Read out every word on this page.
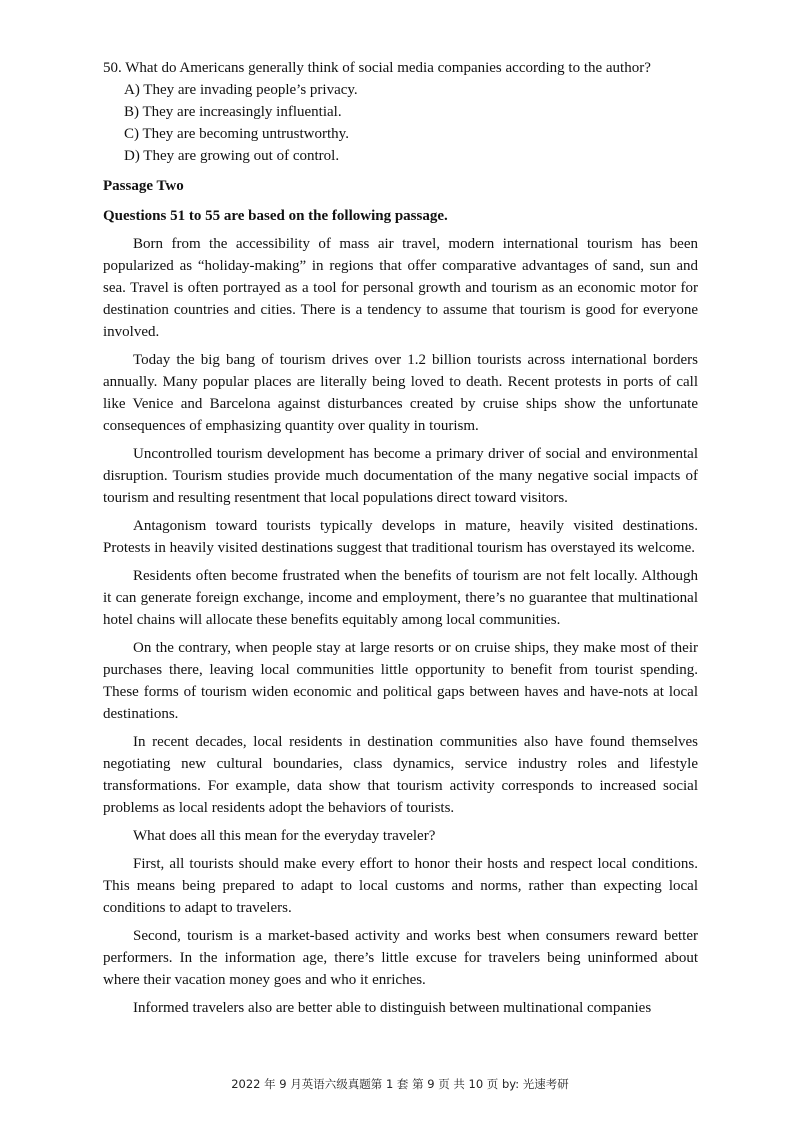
50. What do Americans generally think of social media companies according to the author?

A) They are invading people’s privacy.
B) They are increasingly influential.
C) They are becoming untrustworthy.
D) They are growing out of control.

Passage Two

Questions 51 to 55 are based on the following passage.

Born from the accessibility of mass air travel, modern international tourism has been popularized as “holiday-making” in regions that offer comparative advantages of sand, sun and sea. Travel is often portrayed as a tool for personal growth and tourism as an economic motor for destination countries and cities. There is a tendency to assume that tourism is good for everyone involved.

Today the big bang of tourism drives over 1.2 billion tourists across international borders annually. Many popular places are literally being loved to death. Recent protests in ports of call like Venice and Barcelona against disturbances created by cruise ships show the unfortunate consequences of emphasizing quantity over quality in tourism.

Uncontrolled tourism development has become a primary driver of social and environmental disruption. Tourism studies provide much documentation of the many negative social impacts of tourism and resulting resentment that local populations direct toward visitors.

Antagonism toward tourists typically develops in mature, heavily visited destinations. Protests in heavily visited destinations suggest that traditional tourism has overstayed its welcome.

Residents often become frustrated when the benefits of tourism are not felt locally. Although it can generate foreign exchange, income and employment, there’s no guarantee that multinational hotel chains will allocate these benefits equitably among local communities.

On the contrary, when people stay at large resorts or on cruise ships, they make most of their purchases there, leaving local communities little opportunity to benefit from tourist spending. These forms of tourism widen economic and political gaps between haves and have-nots at local destinations.

In recent decades, local residents in destination communities also have found themselves negotiating new cultural boundaries, class dynamics, service industry roles and lifestyle transformations. For example, data show that tourism activity corresponds to increased social problems as local residents adopt the behaviors of tourists.

What does all this mean for the everyday traveler?

First, all tourists should make every effort to honor their hosts and respect local conditions. This means being prepared to adapt to local customs and norms, rather than expecting local conditions to adapt to travelers.

Second, tourism is a market-based activity and works best when consumers reward better performers. In the information age, there’s little excuse for travelers being uninformed about where their vacation money goes and who it enriches.

Informed travelers also are better able to distinguish between multinational companies

2022 年 9 月英语六级真题第 1 套 第 9 页 共 10 页 by: 光速考研
